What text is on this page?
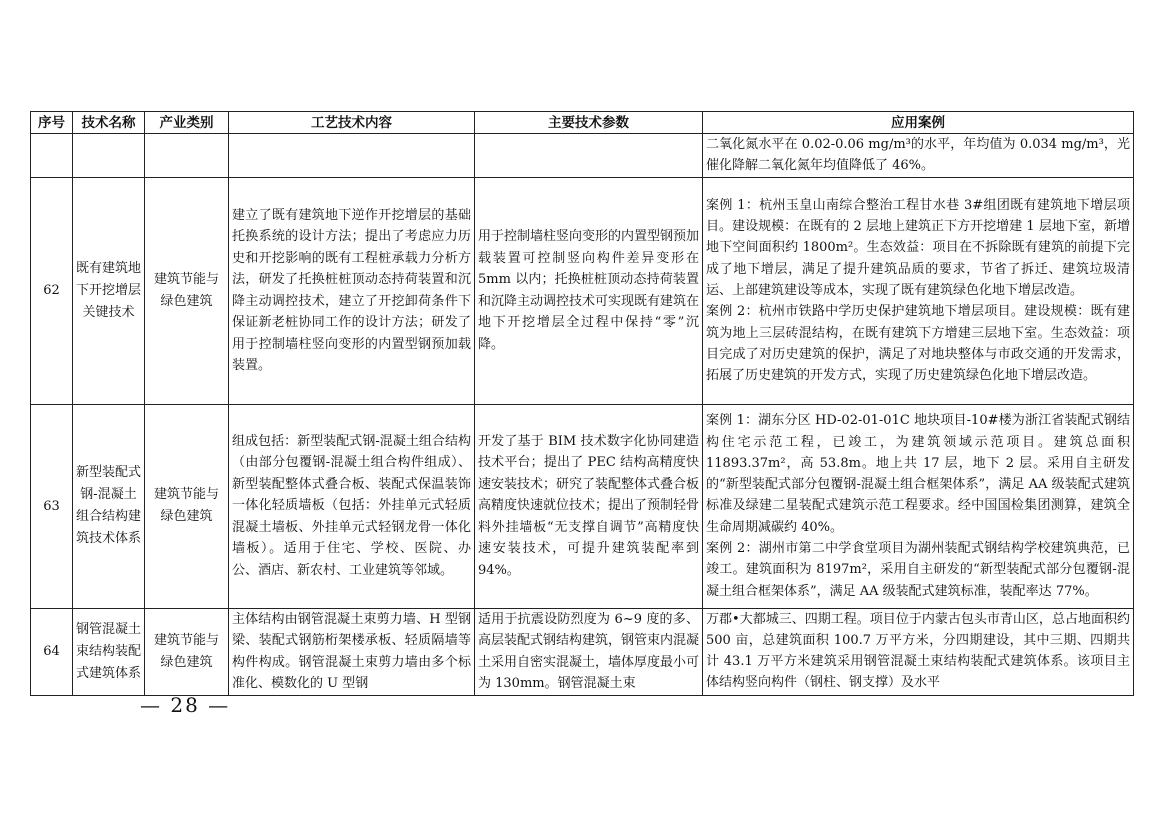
序号	技术名称	产业类别	工艺技术内容	主要技术参数	应用案例
					二氧化氮水平在 0.02-0.06 mg/m³的水平，年均值为 0.034 mg/m³，光催化降解二氧化氮年均值降低了 46%。
62	既有建筑地下开挖增层关键技术	建筑节能与绿色建筑	建立了既有建筑地下逆作开挖增层的基础托换系统的设计方法；提出了考虑应力历史和开挖影响的既有工程桩承载力分析方法，研发了托换桩桩顶动态持荷装置和沉降主动调控技术，建立了开挖卸荷条件下保证新老桩协同工作的设计方法；研发了用于控制墙柱竖向变形的内置型钢预加载装置。	用于控制墙柱竖向变形的内置型钢预加载装置可控制竖向构件差异变形在 5mm 以内；托换桩桩顶动态持荷装置和沉降主动调控技术可实现既有建筑在地下开挖增层全过程中保持“零”沉降。	案例 1：杭州玉皇山南综合整治工程甘水巷 3#组团既有建筑地下增层项目。建设规模：在既有的 2 层地上建筑正下方开挖增建 1 层地下室，新增地下空间面积约 1800m²。生态效益：项目在不拆除既有建筑的前提下完成了地下增层，满足了提升建筑品质的要求，节省了拆迁、建筑垃圾清运、上部建筑建设等成本，实现了既有建筑绿色化地下增层改造。
案例 2：杭州市铁路中学历史保护建筑地下增层项目。建设规模：既有建筑为地上三层砖混结构，在既有建筑下方增建三层地下室。生态效益：项目完成了对历史建筑的保护，满足了对地块整体与市政交通的开发需求，拓展了历史建筑的开发方式，实现了历史建筑绿色化地下增层改造。

63	新型装配式钢-混凝土组合结构建筑技术体系	建筑节能与绿色建筑	组成包括：新型装配式钢-混凝土组合结构（由部分包覆钢-混凝土组合构件组成）、新型装配整体式叠合板、装配式保温装饰一体化轻质墙板（包括：外挂单元式轻质混凝土墙板、外挂单元式轻钢龙骨一体化墙板）。适用于住宅、学校、医院、办公、酒店、新农村、工业建筑等邻域。	开发了基于 BIM 技术数字化协同建造技术平台；提出了 PEC 结构高精度快速安装技术；研究了装配整体式叠合板高精度快速就位技术；提出了预制轻骨料外挂墙板“无支撑自调节”高精度快速安装技术，可提升建筑装配率到 94%。	案例 1：湖东分区 HD-02-01-01C 地块项目-10#楼为浙江省装配式钢结构住宅示范工程，已竣工，为建筑领域示范项目。建筑总面积 11893.37m²，高 53.8m。地上共 17 层，地下 2 层。采用自主研发的“新型装配式部分包覆钢-混凝土组合框架体系”，满足 AA 级装配式建筑标准及绿建二星装配式建筑示范工程要求。经中国国检集团测算，建筑全生命周期减碳约 40%。
案例 2：湖州市第二中学食堂项目为湖州装配式钢结构学校建筑典范，已竣工。建筑面积为 8197m²，采用自主研发的“新型装配式部分包覆钢-混凝土组合框架体系”，满足 AA 级装配式建筑标准，装配率达 77%。

64	钢管混凝土束结构装配式建筑体系	建筑节能与绿色建筑	主体结构由钢管混凝土束剪力墙、H 型钢梁、装配式钢筋桁架楼承板、轻质隔墙等构件构成。钢管混凝土束剪力墙由多个标准化、模数化的 U 型钢	适用于抗震设防烈度为 6~9 度的多、高层装配式钢结构建筑，钢管束内混凝土采用自密实混凝土，墙体厚度最小可为 130mm。钢管混凝土束	万郡•大都城三、四期工程。项目位于内蒙古包头市青山区，总占地面积约 500 亩，总建筑面积 100.7 万平方米，分四期建设，其中三期、四期共计 43.1 万平方米建筑采用钢管混凝土束结构装配式建筑体系。该项目主体结构竖向构件（钢柱、钢支撑）及水平
— 28 —
